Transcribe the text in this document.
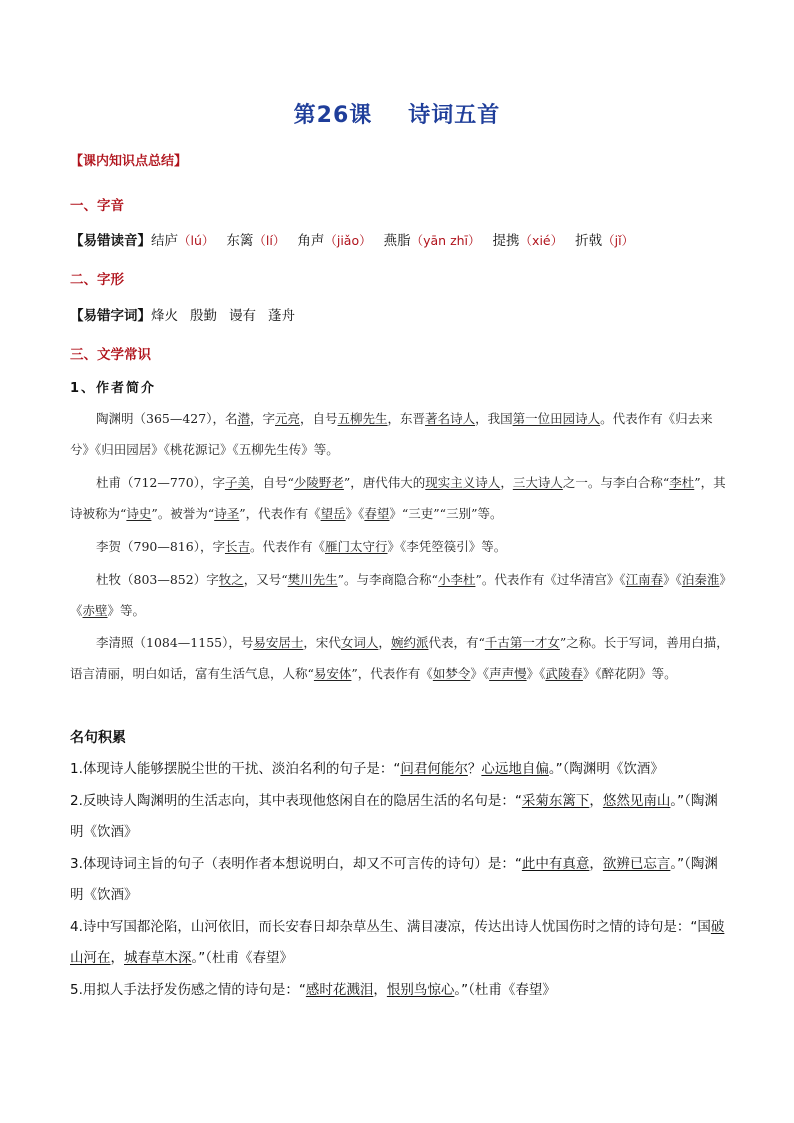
第26课 诗词五首
【课内知识点总结】
一、字音
【易错读音】结庐（lú） 东篱（lí） 角声（jiǎo） 燕脂（yān zhī） 提携（xié） 折戟（jǐ）
二、字形
【易错字词】烽火 殷勤 谩有 蓬舟
三、文学常识
1、作者简介
陶渊明（365—427），名潜，字元亮，自号五柳先生，东晋著名诗人，我国第一位田园诗人。代表作有《归去来兮》《归田园居》《桃花源记》《五柳先生传》等。
杜甫（712—770），字子美，自号“少陵野老”，唐代伟大的现实主义诗人，三大诗人之一。与李白合称“李杜”，其诗被称为“诗史”。被誉为“诗圣”，代表作有《望岳》《春望》“三吏”“三别”等。
李贺（790—816），字长吉。代表作有《雁门太守行》《李凭箜篌引》等。
杜牧（803—852）字牧之，又号“樊川先生”。与李商隐合称“小李杜”。代表作有《过华清宫》《江南春》《泊秦淮》《赤壁》等。
李清照（1084—1155），号易安居士，宋代女词人，婉约派代表，有“千古第一才女”之称。长于写词，善用白描，语言清丽，明白如话，富有生活气息，人称“易安体”，代表作有《如梦令》《声声慢》《武陵春》《醉花阴》等。
名句积累
1.体现诗人能够摆脱尘世的干扰、淡泊名利的句子是：“问君何能尔？心远地自偏。”（陶渊明《饮酒》
2.反映诗人陶渊明的生活志向，其中表现他悠闲自在的隐居生活的名句是：“采菊东篱下，悠然见南山。”（陶渊明《饮酒》
3.体现诗词主旨的句子（表明作者本想说明白，却又不可言传的诗句）是：“此中有真意，欲辨已忘言。”（陶渊明《饮酒》
4.诗中写国都沦陷，山河依旧，而长安春日却杂草丛生、满目凄凉，传达出诗人忧国伤时之情的诗句是：“国破山河在，城春草木深。”（杜甫《春望》
5.用拟人手法抒发伤感之情的诗句是：“感时花溅泪，恨别鸟惊心。”（杜甫《春望》
